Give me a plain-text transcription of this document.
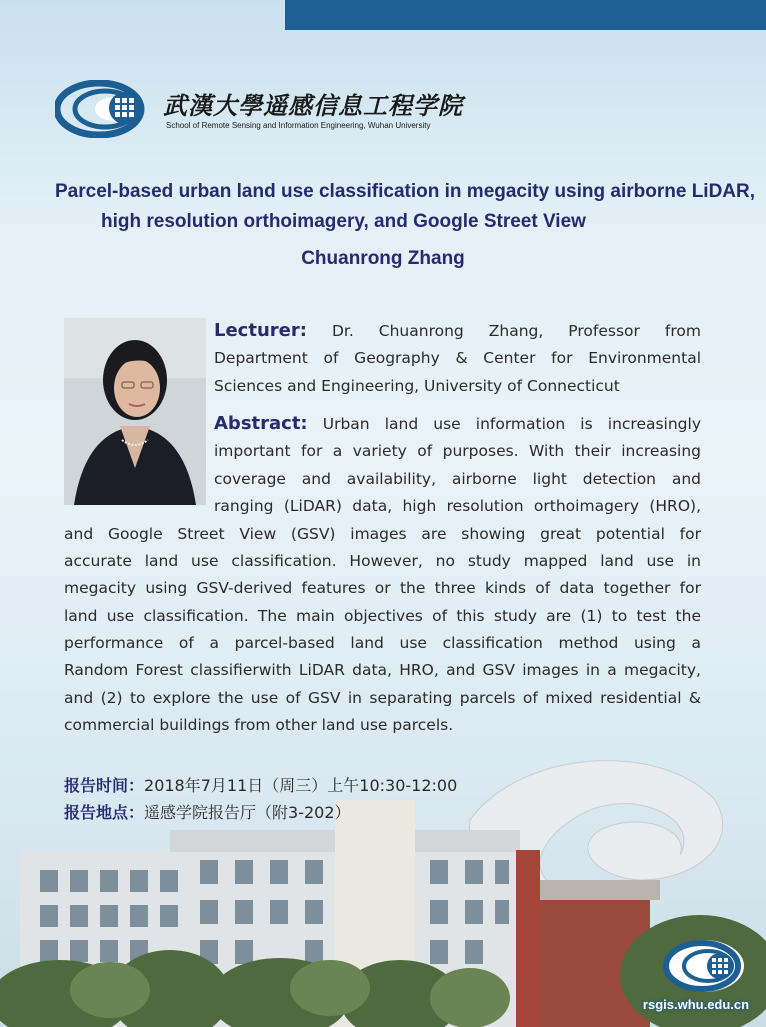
武漢大學遥感信息工程学院
School of Remote Sensing and Information Engineering, Wuhan University
Parcel-based urban land use classification in megacity using airborne LiDAR,
high resolution orthoimagery, and Google Street View
Chuanrong Zhang
Lecturer: Dr. Chuanrong Zhang, Professor from
Department of Geography & Center for Environmental
Sciences and Engineering, University of Connecticut
Abstract: Urban land use information is increasingly
important for a variety of purposes. With their increasing
coverage and availability, airborne light detection and
ranging (LiDAR) data, high resolution orthoimagery (HRO),
and Google Street View (GSV) images are showing great potential for
accurate land use classification. However, no study mapped land use in
megacity using GSV-derived features or the three kinds of data together for
land use classification. The main objectives of this study are (1) to test the
performance of a parcel-based land use classification method using a
Random Forest classifierwith LiDAR data, HRO, and GSV images in a megacity,
and (2) to explore the use of GSV in separating parcels of mixed residential &
commercial buildings from other land use parcels.
rsgis.whu.edu.cn
报告时间：2018年7月11日（周三）上午10:30-12:00
报告地点：遥感学院报告厅（附3-202）
